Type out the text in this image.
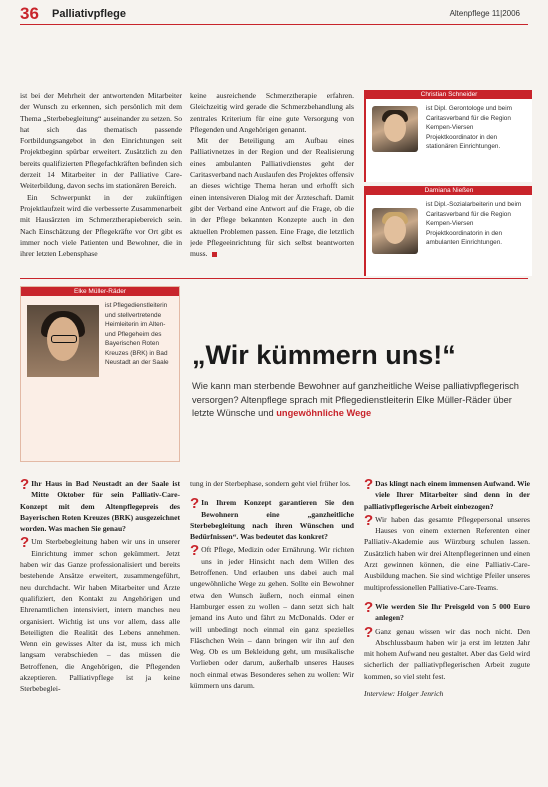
36 Palliativpflege	Altenpflege 11|2006

ist bei der Mehrheit der antwortenden Mitarbeiter der Wunsch zu erkennen, sich persönlich mit dem Thema „Sterbebegleitung“ auseinander zu setzen. So hat sich das thematisch passende Fortbildungsangebot in den Einrichtungen seit Projektbeginn spürbar erweitert. Zusätzlich zu den bereits qualifizierten Pflegefachkräften befinden sich derzeit 14 Mitarbeiter in der Palliative Care-Weiterbildung, davon sechs im stationären Bereich.

Ein Schwerpunkt in der zukünftigen Projektlaufzeit wird die verbesserte Zusammenarbeit mit Hausärzten im Schmerztherapiebereich sein. Nach Einschätzung der Pflegekräfte vor Ort gibt es immer noch viele Patienten und Bewohner, die in ihrer letzten Lebensphase

keine ausreichende Schmerztherapie erfahren. Gleichzeitig wird gerade die Schmerzbehandlung als zentrales Kriterium für eine gute Versorgung von Pflegenden und Angehörigen genannt.

Mit der Beteiligung am Aufbau eines Palliativnetzes in der Region und der Realisierung eines ambulanten Palliativdienstes geht der Caritasverband nach Auslaufen des Projektes offensiv an dieses wichtige Thema heran und erhofft sich einen intensiveren Dialog mit der Ärzteschaft. Damit gibt der Verband eine Antwort auf die Frage, ob die in der Pflege bekannten Konzepte auch in den aktuellen Problemen passen. Eine Frage, die letztlich jede Pflegeeinrichtung für sich selbst beantworten muss.

Christian Schneider
ist Dipl. Gerontologe und beim Caritasverband für die Region Kempen-Viersen Projektkoordinator in den stationären Einrichtungen.
Damiana Nießen
ist Dipl.-Sozialarbeiterin und beim Caritasverband für die Region Kempen-Viersen Projektkoordinatorin in den ambulanten Einrichtungen.
Elke Müller-Räder
ist Pflegedienstleiterin und stellvertretende Heimleiterin im Alten- und Pflegeheim des Bayerischen Roten Kreuzes (BRK) in Bad Neustadt an der Saale „Wir kümmern uns!“
Wie kann man sterbende Bewohner auf ganzheitliche Weise palliativpflegerisch versorgen? Altenpflege sprach mit Pflegedienstleiterin Elke Müller-Räder über letzte Wünsche und ungewöhnliche Wege

? Ihr Haus in Bad Neustadt an der Saale ist Mitte Oktober für sein Palliativ-Care-Konzept mit dem Altenpflegepreis des Bayerischen Roten Kreuzes (BRK) ausgezeichnet worden. Was machen Sie genau?

? Um Sterbebegleitung haben wir uns in unserer Einrichtung immer schon gekümmert. Jetzt haben wir das Ganze professionalisiert und bereits bestehende Ansätze erweitert, zusammengeführt, neu durchdacht. Wir haben Mitarbeiter und Ärzte qualifiziert, den Kontakt zu Angehörigen und Ehrenamtlichen intensiviert, intern manches neu organisiert. Wichtig ist uns vor allem, dass alle Beteiligten die Realität des Lebens annehmen. Wenn ein gewisses Alter da ist, muss ich mich langsam verabschieden – das müssen die Betroffenen, die Angehörigen, die Pflegenden akzeptieren. Palliativpflege ist ja keine Sterbebeglei-

tung in der Sterbephase, sondern geht viel früher los.

? In Ihrem Konzept garantieren Sie den Bewohnern eine „ganzheitliche Sterbebegleitung nach ihren Wünschen und Bedürfnissen“. Was bedeutet das konkret?

? Oft Pflege, Medizin oder Ernährung. Wir richten uns in jeder Hinsicht nach dem Willen des Betroffenen. Und erlauben uns dabei auch mal ungewöhnliche Wege zu gehen. Sollte ein Bewohner etwa den Wunsch äußern, noch einmal einen Hamburger essen zu wollen – dann setzt sich halt jemand ins Auto und fährt zu McDonalds. Oder er will unbedingt noch einmal ein ganz spezielles Fläschchen Wein – dann bringen wir ihn auf den Weg. Ob es um Bekleidung geht, um musikalische Vorlieben oder darum, außerhalb unseres Hauses noch einmal etwas Besonderes sehen zu wollen: Wir kümmern uns darum.

? Das klingt nach einem immensen Aufwand. Wie viele Ihrer Mitarbeiter sind denn in der palliativpflegerische Arbeit einbezogen?

? Wir haben das gesamte Pflegepersonal unseres Hauses von einem externen Referenten einer Palliativ-Akademie aus Würzburg schulen lassen. Zusätzlich haben wir drei Altenpflegerinnen und einen Arzt gewinnen können, die eine Palliativ-Care-Ausbildung machen. Sie sind wichtige Pfeiler unseres multiprofessionellen Palliative-Care-Teams.

? Wie werden Sie Ihr Preisgeld von 5 000 Euro anlegen?

? Ganz genau wissen wir das noch nicht. Den Abschlussbaum haben wir ja erst im letzten Jahr mit hohem Aufwand neu gestaltet. Aber das Geld wird sicherlich der palliativpflegerischen Arbeit zugute kommen, so viel steht fest.

Interview: Holger Jenrich
